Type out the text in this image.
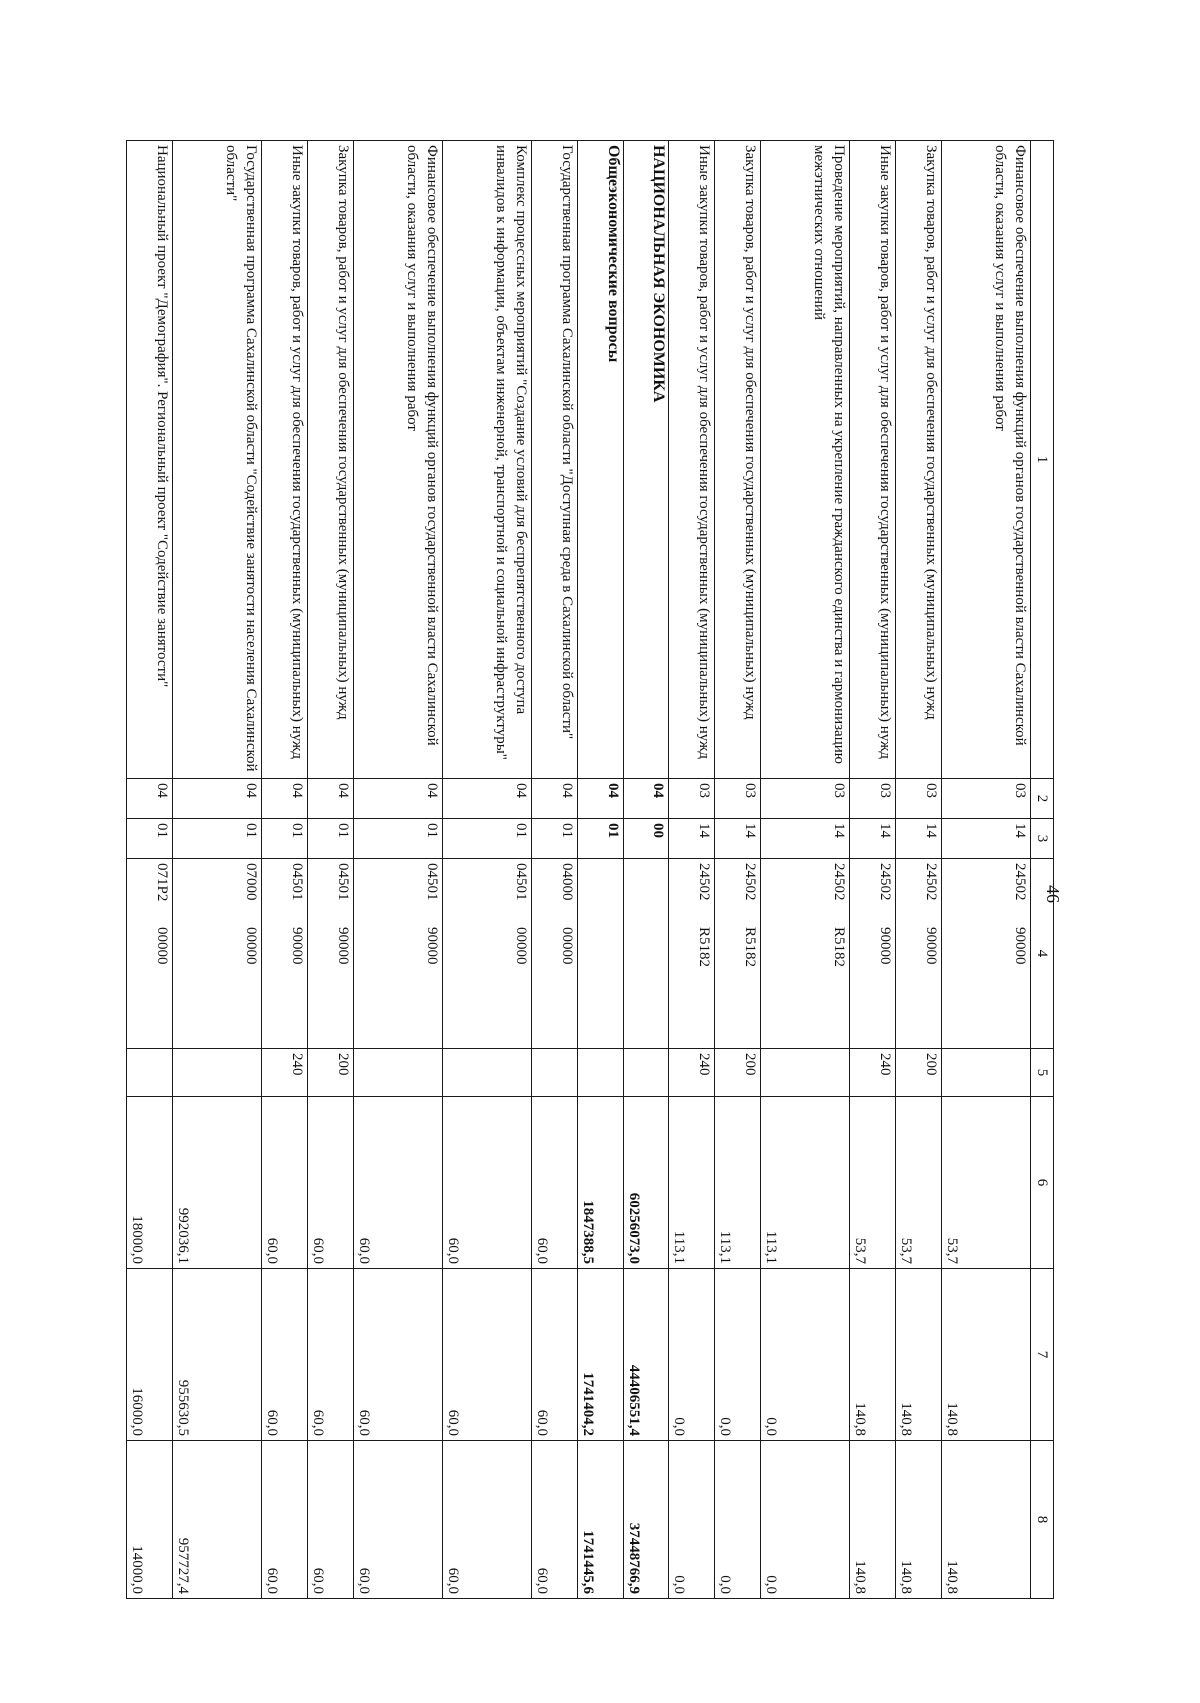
46
1	2	3	4	5	6	7	8
Финансовое обеспечение выполнения функций органов государственной власти Сахалинской области, оказания услуг и выполнения работ	03	14	2450290000		53,7	140,8	140,8
Закупка товаров, работ и услуг для обеспечения государственных (муниципальных) нужд	03	14	2450290000	200	53,7	140,8	140,8
Иные закупки товаров, работ и услуг для обеспечения государственных (муниципальных) нужд	03	14	2450290000	240	53,7	140,8	140,8
Проведение мероприятий, направленных на укрепление гражданского единства и гармонизацию межэтнических отношений	03	14	24502R5182		113,1	0,0	0,0
Закупка товаров, работ и услуг для обеспечения государственных (муниципальных) нужд	03	14	24502R5182	200	113,1	0,0	0,0
Иные закупки товаров, работ и услуг для обеспечения государственных (муниципальных) нужд	03	14	24502R5182	240	113,1	0,0	0,0
НАЦИОНАЛЬНАЯ ЭКОНОМИКА	04	00			60256073,0	44406551,4	37448766,9
Общеэкономические вопросы	04	01			1847388,5	1741404,2	1741445,6
Государственная программа Сахалинской области "Доступная среда в Сахалинской области"	04	01	0400000000		60,0	60,0	60,0
Комплекс процессных мероприятий "Создание условий для беспрепятственного доступа инвалидов к информации, объектам инженерной, транспортной и социальной инфраструктуры"	04	01	0450100000		60,0	60,0	60,0
Финансовое обеспечение выполнения функций органов государственной власти Сахалинской области, оказания услуг и выполнения работ	04	01	0450190000		60,0	60,0	60,0
Закупка товаров, работ и услуг для обеспечения государственных (муниципальных) нужд	04	01	0450190000	200	60,0	60,0	60,0
Иные закупки товаров, работ и услуг для обеспечения государственных (муниципальных) нужд	04	01	0450190000	240	60,0	60,0	60,0
Государственная программа Сахалинской области "Содействие занятости населения Сахалинской области"	04	01	0700000000		992036,1	955630,5	957727,4
Национальный проект "Демография". Региональный проект "Содействие занятости"	04	01	071P200000		18000,0	16000,0	14000,0
